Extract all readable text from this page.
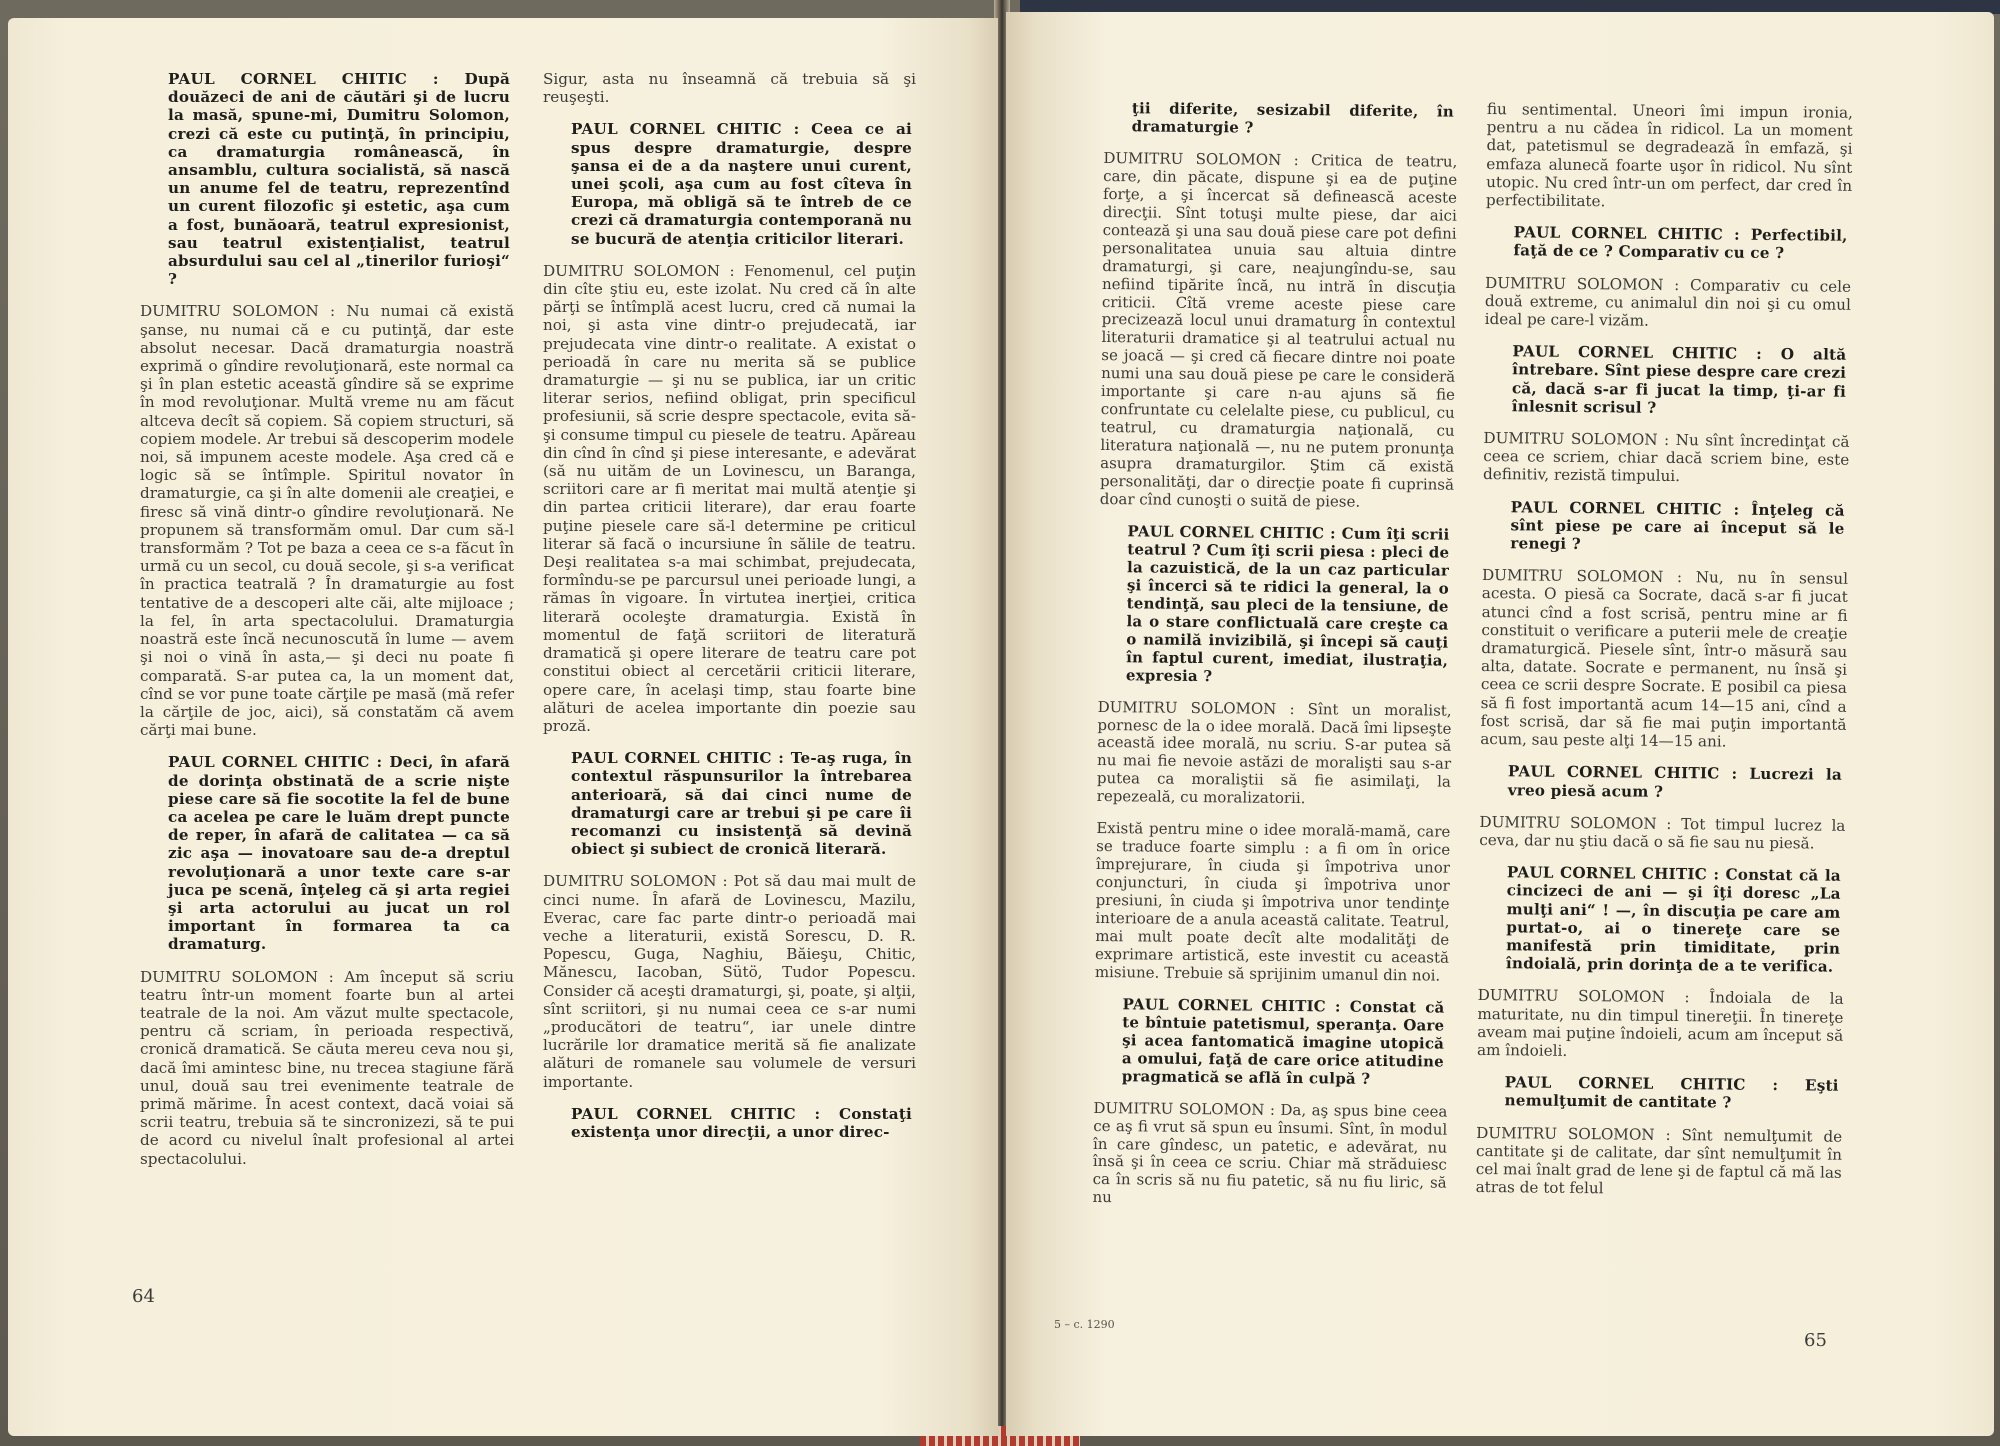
PAUL CORNEL CHITIC : După douăzeci de ani de căutări şi de lucru la masă, spune-mi, Dumitru Solomon, crezi că este cu putinţă, în principiu, ca dramaturgia românească, în ansamblu, cultura socialistă, să nască un anume fel de teatru, reprezentînd un curent filozofic şi estetic, aşa cum a fost, bunăoară, teatrul expresionist, sau teatrul existenţialist, teatrul absurdului sau cel al „tinerilor furioşi“ ?

DUMITRU SOLOMON : Nu numai că există şanse, nu numai că e cu putinţă, dar este absolut necesar. Dacă dramaturgia noastră exprimă o gîndire revoluţionară, este normal ca şi în plan estetic această gîndire să se exprime în mod revoluţionar. Multă vreme nu am făcut altceva decît să copiem. Să copiem structuri, să copiem modele. Ar trebui să descoperim modele noi, să impunem aceste modele. Aşa cred că e logic să se întîmple. Spiritul novator în dramaturgie, ca şi în alte domenii ale creaţiei, e firesc să vină dintr-o gîndire revoluţionară. Ne propunem să transformăm omul. Dar cum să-l transformăm ? Tot pe baza a ceea ce s-a făcut în urmă cu un secol, cu două secole, şi s-a verificat în practica teatrală ? În dramaturgie au fost tentative de a descoperi alte căi, alte mijloace ; la fel, în arta spectacolului. Dramaturgia noastră este încă necunoscută în lume — avem şi noi o vină în asta,— şi deci nu poate fi comparată. S-ar putea ca, la un moment dat, cînd se vor pune toate cărţile pe masă (mă refer la cărţile de joc, aici), să constatăm că avem cărţi mai bune.

PAUL CORNEL CHITIC : Deci, în afară de dorinţa obstinată de a scrie nişte piese care să fie socotite la fel de bune ca acelea pe care le luăm drept puncte de reper, în afară de calitatea — ca să zic aşa — inovatoare sau de-a dreptul revoluţionară a unor texte care s-ar juca pe scenă, înţeleg că şi arta regiei şi arta actorului au jucat un rol important în formarea ta ca dramaturg.

DUMITRU SOLOMON : Am început să scriu teatru într-un moment foarte bun al artei teatrale de la noi. Am văzut multe spectacole, pentru că scriam, în perioada respectivă, cronică dramatică. Se căuta mereu ceva nou şi, dacă îmi amintesc bine, nu trecea stagiune fără unul, două sau trei evenimente teatrale de primă mărime. În acest context, dacă voiai să scrii teatru, trebuia să te sincronizezi, să te pui de acord cu nivelul înalt profesional al artei spectacolului.

Sigur, asta nu înseamnă că trebuia să şi reuşeşti.

PAUL CORNEL CHITIC : Ceea ce ai spus despre dramaturgie, despre şansa ei de a da naştere unui curent, unei şcoli, aşa cum au fost cîteva în Europa, mă obligă să te întreb de ce crezi că dramaturgia contemporană nu se bucură de atenţia criticilor literari.

DUMITRU SOLOMON : Fenomenul, cel puţin din cîte ştiu eu, este izolat. Nu cred că în alte părţi se întîmplă acest lucru, cred că numai la noi, şi asta vine dintr-o prejudecată, iar prejudecata vine dintr-o realitate. A existat o perioadă în care nu merita să se publice dramaturgie — şi nu se publica, iar un critic literar serios, nefiind obligat, prin specificul profesiunii, să scrie despre spectacole, evita să-şi consume timpul cu piesele de teatru. Apăreau din cînd în cînd şi piese interesante, e adevărat (să nu uităm de un Lovinescu, un Baranga, scriitori care ar fi meritat mai multă atenţie şi din partea criticii literare), dar erau foarte puţine piesele care să-l determine pe criticul literar să facă o incursiune în sălile de teatru. Deşi realitatea s-a mai schimbat, prejudecata, formîndu-se pe parcursul unei perioade lungi, a rămas în vigoare. În virtutea inerţiei, critica literară ocoleşte dramaturgia. Există în momentul de faţă scriitori de literatură dramatică şi opere literare de teatru care pot constitui obiect al cercetării criticii literare, opere care, în acelaşi timp, stau foarte bine alături de acelea importante din poezie sau proză.

PAUL CORNEL CHITIC : Te-aş ruga, în contextul răspunsurilor la întrebarea anterioară, să dai cinci nume de dramaturgi care ar trebui şi pe care îi recomanzi cu insistenţă să devină obiect şi subiect de cronică literară.

DUMITRU SOLOMON : Pot să dau mai mult de cinci nume. În afară de Lovinescu, Mazilu, Everac, care fac parte dintr-o perioadă mai veche a literaturii, există Sorescu, D. R. Popescu, Guga, Naghiu, Băieşu, Chitic, Mănescu, Iacoban, Sütö, Tudor Popescu. Consider că aceşti dramaturgi, şi, poate, şi alţii, sînt scriitori, şi nu numai ceea ce s-ar numi „producători de teatru“, iar unele dintre lucrările lor dramatice merită să fie analizate alături de romanele sau volumele de versuri importante.

PAUL CORNEL CHITIC : Constaţi existenţa unor direcţii, a unor direc-

64

ţii diferite, sesizabil diferite, în dramaturgie ?

DUMITRU SOLOMON : Critica de teatru, care, din păcate, dispune şi ea de puţine forţe, a şi încercat să definească aceste direcţii. Sînt totuşi multe piese, dar aici contează şi una sau două piese care pot defini personalitatea unuia sau altuia dintre dramaturgi, şi care, neajungîndu-se, sau nefiind tipărite încă, nu intră în discuţia criticii. Cîtă vreme aceste piese care precizează locul unui dramaturg în contextul literaturii dramatice şi al teatrului actual nu se joacă — şi cred că fiecare dintre noi poate numi una sau două piese pe care le consideră importante şi care n-au ajuns să fie confruntate cu celelalte piese, cu publicul, cu teatrul, cu dramaturgia naţională, cu literatura naţională —, nu ne putem pronunţa asupra dramaturgilor. Ştim că există personalităţi, dar o direcţie poate fi cuprinsă doar cînd cunoşti o suită de piese.

PAUL CORNEL CHITIC : Cum îţi scrii teatrul ? Cum îţi scrii piesa : pleci de la cazuistică, de la un caz particular şi încerci să te ridici la general, la o tendinţă, sau pleci de la tensiune, de la o stare conflictuală care creşte ca o namilă invizibilă, şi începi să cauţi în faptul curent, imediat, ilustraţia, expresia ?

DUMITRU SOLOMON : Sînt un moralist, pornesc de la o idee morală. Dacă îmi lipseşte această idee morală, nu scriu. S-ar putea să nu mai fie nevoie astăzi de moralişti sau s-ar putea ca moraliştii să fie asimilaţi, la repezeală, cu moralizatorii.

Există pentru mine o idee morală-mamă, care se traduce foarte simplu : a fi om în orice împrejurare, în ciuda şi împotriva unor conjuncturi, în ciuda şi împotriva unor presiuni, în ciuda şi împotriva unor tendinţe interioare de a anula această calitate. Teatrul, mai mult poate decît alte modalităţi de exprimare artistică, este investit cu această misiune. Trebuie să sprijinim umanul din noi.

PAUL CORNEL CHITIC : Constat că te bîntuie patetismul, speranţa. Oare şi acea fantomatică imagine utopică a omului, faţă de care orice atitudine pragmatică se află în culpă ?

DUMITRU SOLOMON : Da, aş spus bine ceea ce aş fi vrut să spun eu însumi. Sînt, în modul în care gîndesc, un patetic, e adevărat, nu însă şi în ceea ce scriu. Chiar mă străduiesc ca în scris să nu fiu patetic, să nu fiu liric, să nu

fiu sentimental. Uneori îmi impun ironia, pentru a nu cădea în ridicol. La un moment dat, patetismul se degradează în emfază, şi emfaza alunecă foarte uşor în ridicol. Nu sînt utopic. Nu cred într-un om perfect, dar cred în perfectibilitate.

PAUL CORNEL CHITIC : Perfectibil, faţă de ce ? Comparativ cu ce ?

DUMITRU SOLOMON : Comparativ cu cele două extreme, cu animalul din noi şi cu omul ideal pe care-l vizăm.

PAUL CORNEL CHITIC : O altă întrebare. Sînt piese despre care crezi că, dacă s-ar fi jucat la timp, ţi-ar fi înlesnit scrisul ?

DUMITRU SOLOMON : Nu sînt încredinţat că ceea ce scriem, chiar dacă scriem bine, este definitiv, rezistă timpului.

PAUL CORNEL CHITIC : Înţeleg că sînt piese pe care ai început să le renegi ?

DUMITRU SOLOMON : Nu, nu în sensul acesta. O piesă ca Socrate, dacă s-ar fi jucat atunci cînd a fost scrisă, pentru mine ar fi constituit o verificare a puterii mele de creaţie dramaturgică. Piesele sînt, într-o măsură sau alta, datate. Socrate e permanent, nu însă şi ceea ce scrii despre Socrate. E posibil ca piesa să fi fost importantă acum 14—15 ani, cînd a fost scrisă, dar să fie mai puţin importantă acum, sau peste alţi 14—15 ani.

PAUL CORNEL CHITIC : Lucrezi la vreo piesă acum ?

DUMITRU SOLOMON : Tot timpul lucrez la ceva, dar nu ştiu dacă o să fie sau nu piesă.

PAUL CORNEL CHITIC : Constat că la cincizeci de ani — şi îţi doresc „La mulţi ani“ ! —, în discuţia pe care am purtat-o, ai o tinereţe care se manifestă prin timiditate, prin îndoială, prin dorinţa de a te verifica.

DUMITRU SOLOMON : Îndoiala de la maturitate, nu din timpul tinereţii. În tinereţe aveam mai puţine îndoieli, acum am început să am îndoieli.

PAUL CORNEL CHITIC : Eşti nemulţumit de cantitate ?

DUMITRU SOLOMON : Sînt nemulţumit de cantitate şi de calitate, dar sînt nemulţumit în cel mai înalt grad de lene şi de faptul că mă las atras de tot felul

5 – c. 1290
65
